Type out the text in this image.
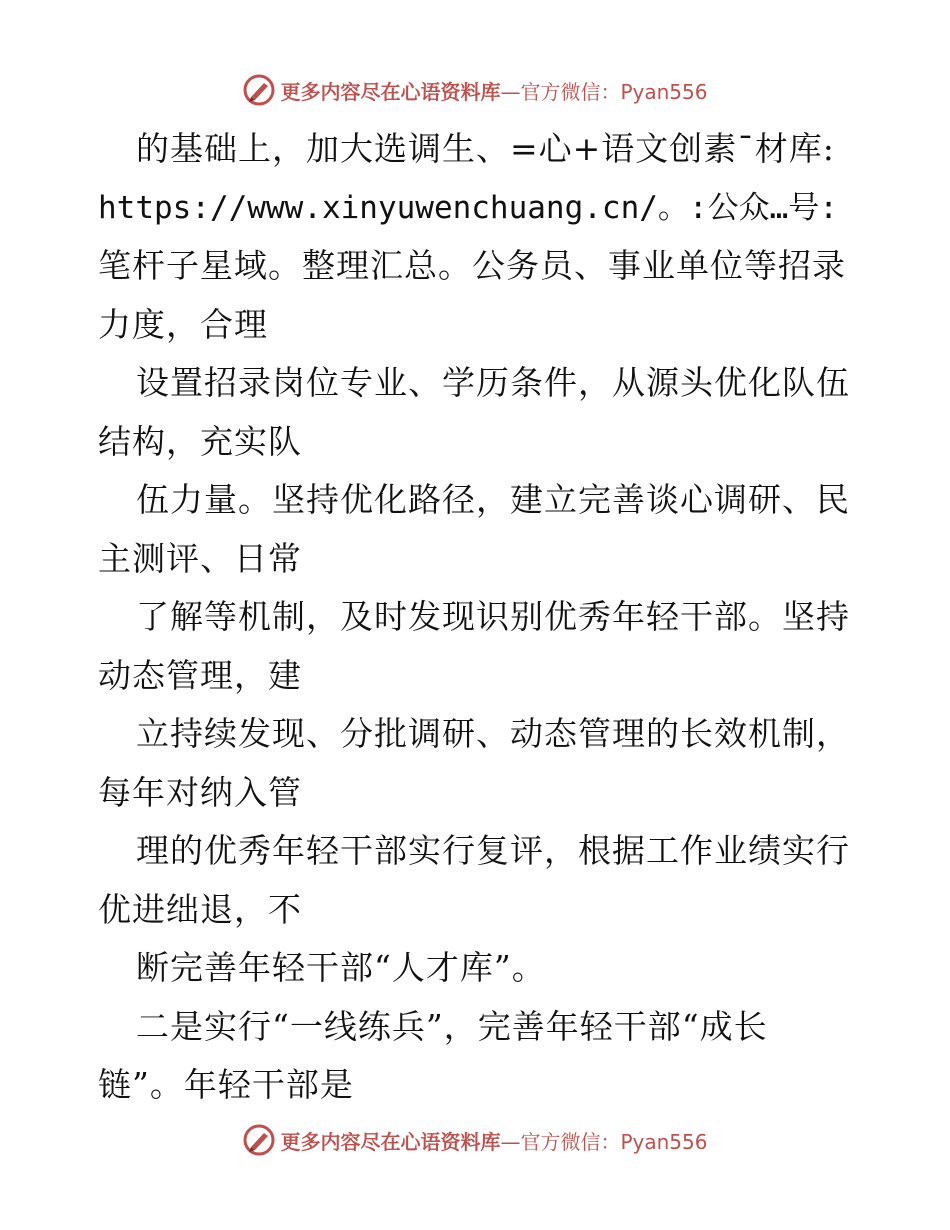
更多内容尽在心语资料库—官方微信：Pyan556
的基础上，加大选调生、=心+语文创素¯材库:
https://www.xinyuwenchuang.cn/。:公众…号:
笔杆子星域。整理汇总。公务员、事业单位等招录
力度，合理
设置招录岗位专业、学历条件，从源头优化队伍
结构，充实队
伍力量。坚持优化路径，建立完善谈心调研、民
主测评、日常
了解等机制，及时发现识别优秀年轻干部。坚持
动态管理，建
立持续发现、分批调研、动态管理的长效机制，
每年对纳入管
理的优秀年轻干部实行复评，根据工作业绩实行
优进绌退，不
断完善年轻干部“人才库”。
二是实行“一线练兵”，完善年轻干部“成长
链”。年轻干部是
更多内容尽在心语资料库—官方微信：Pyan556
